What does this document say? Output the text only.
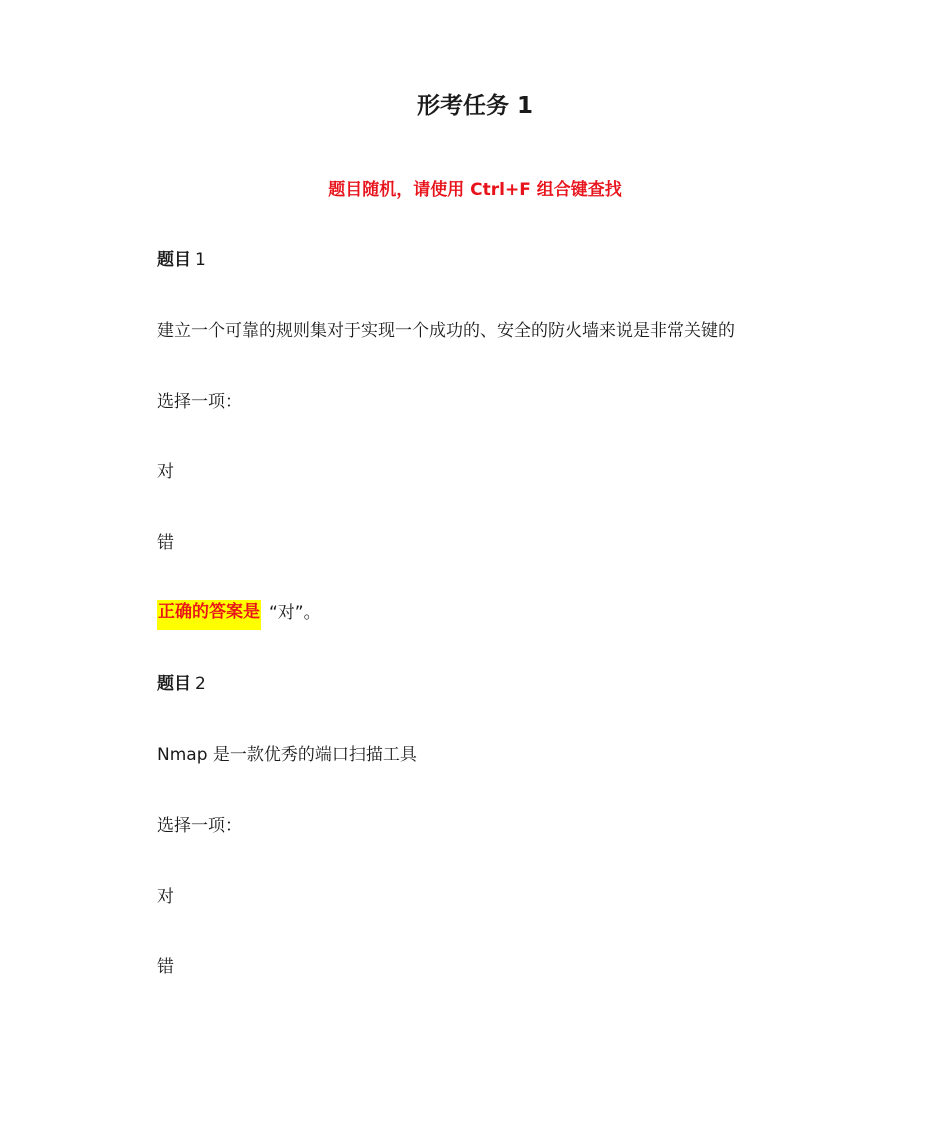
形考任务 1
题目随机，请使用 Ctrl+F 组合键查找
题目 1
建立一个可靠的规则集对于实现一个成功的、安全的防火墙来说是非常关键的
选择一项：
对
错
正确的答案是 “对”。
题目 2
Nmap 是一款优秀的端口扫描工具
选择一项：
对
错
